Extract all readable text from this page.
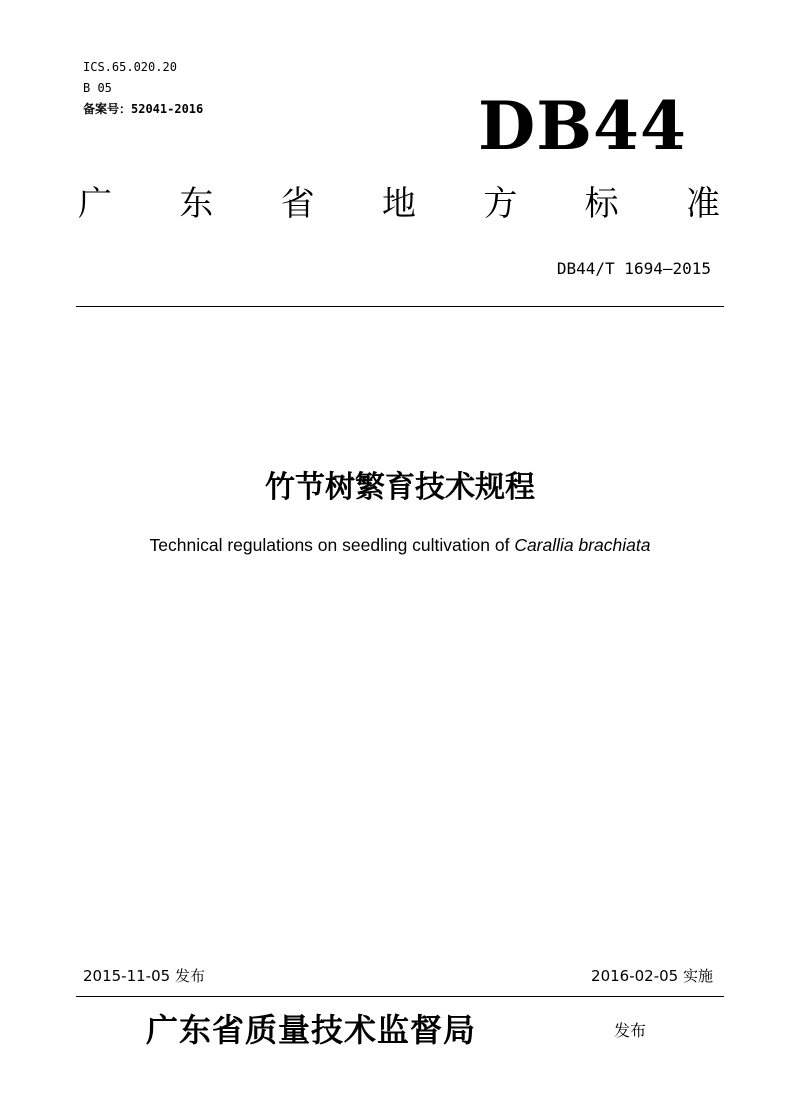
ICS.65.020.20
B 05
备案号：52041-2016	DB44
广 东 省 地 方 标 准
DB44/T 1694—2015
竹节树繁育技术规程
Technical regulations on seedling cultivation of Carallia brachiata
2015-11-05 发布	2016-02-05 实施
广东省质量技术监督局	发布
